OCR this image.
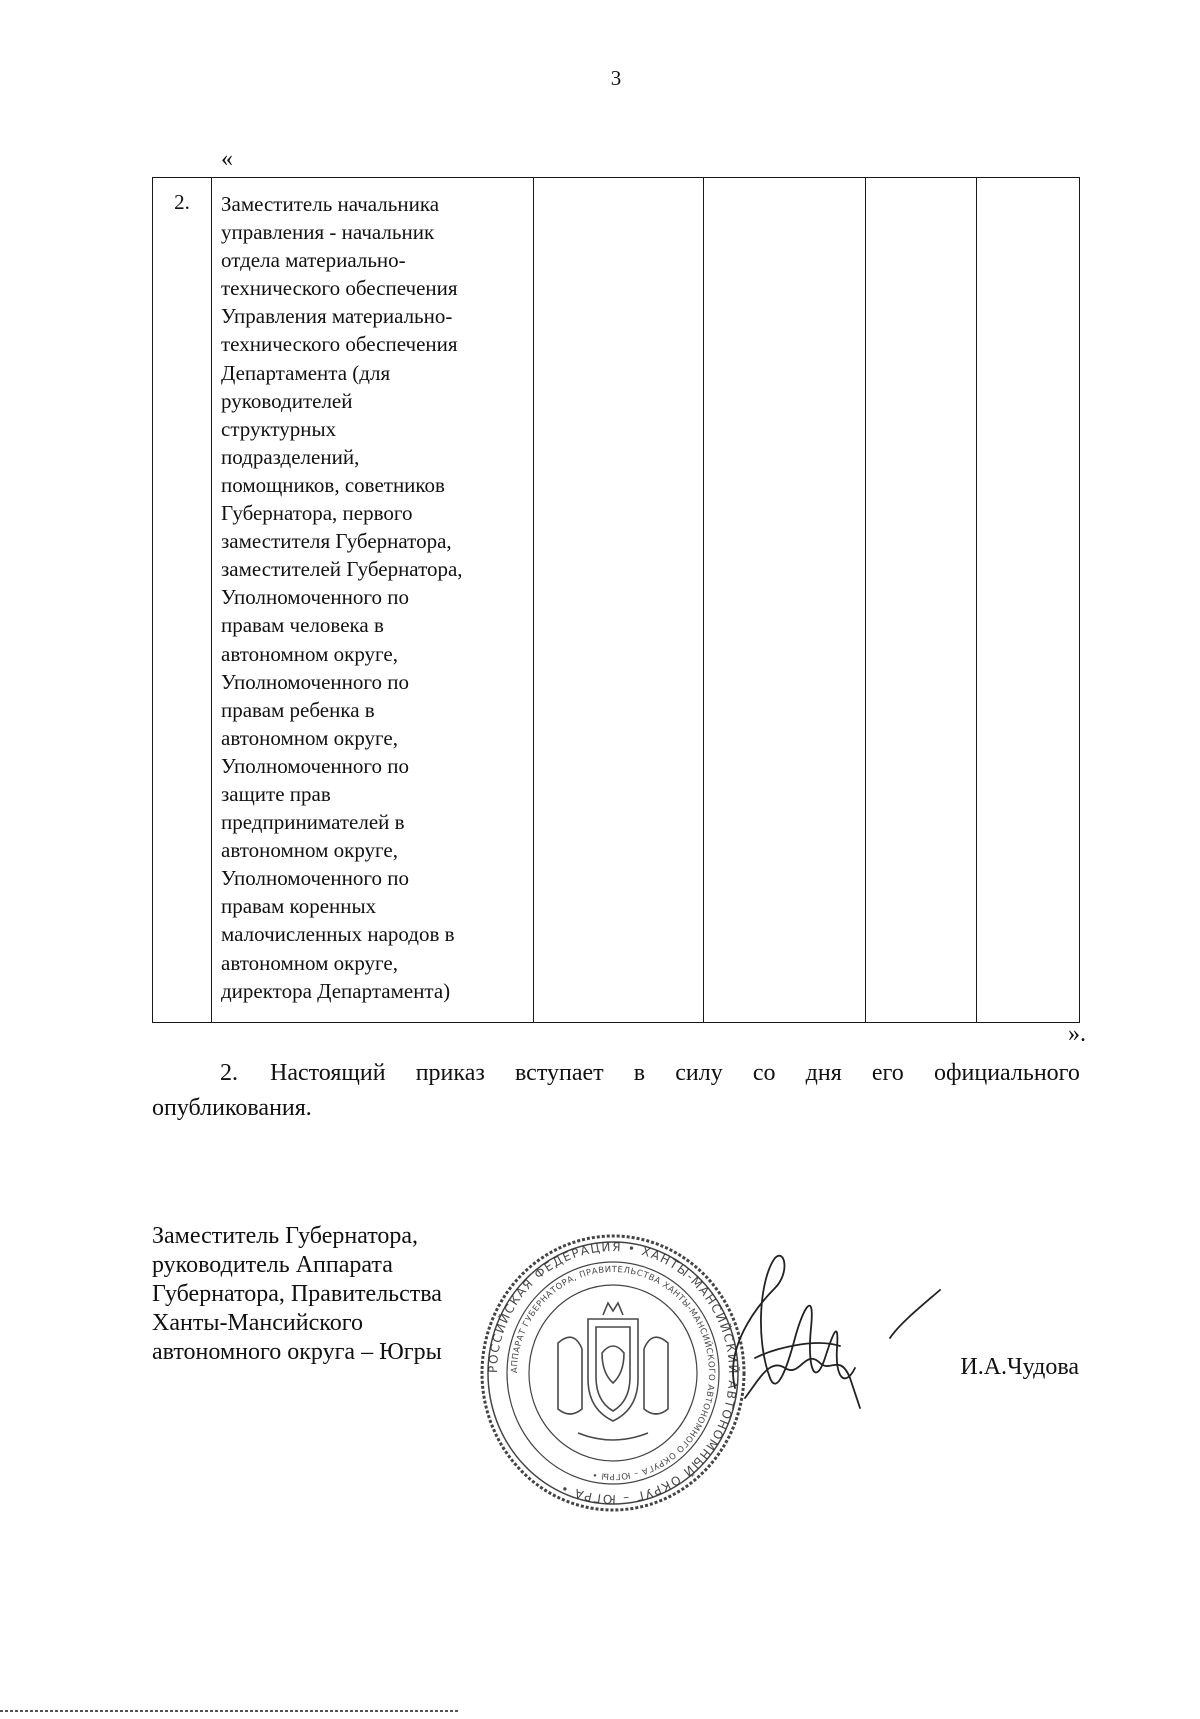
3
«
2.	Заместитель начальника
управления - начальник
отдела материально-
технического обеспечения
Управления материально-
технического обеспечения
Департамента (для
руководителей
структурных
подразделений,
помощников, советников
Губернатора, первого
заместителя Губернатора,
заместителей Губернатора,
Уполномоченного по
правам человека в
автономном округе,
Уполномоченного по
правам ребенка в
автономном округе,
Уполномоченного по
защите прав
предпринимателей в
автономном округе,
Уполномоченного по
правам коренных
малочисленных народов в
автономном округе,
директора Департамента)

».
2. Настоящий приказ вступает в силу со дня его официального
опубликования.
Заместитель Губернатора,
руководитель Аппарата
Губернатора, Правительства
Ханты-Мансийского
автономного округа – Югры
РОССИЙСКАЯ ФЕДЕРАЦИЯ • ХАНТЫ-МАНСИЙСКИЙ АВТОНОМНЫЙ ОКРУГ – ЮГРА •
АППАРАТ ГУБЕРНАТОРА, ПРАВИТЕЛЬСТВА ХАНТЫ-МАНСИЙСКОГО АВТОНОМНОГО ОКРУГА – ЮГРЫ •
И.А.Чудова
